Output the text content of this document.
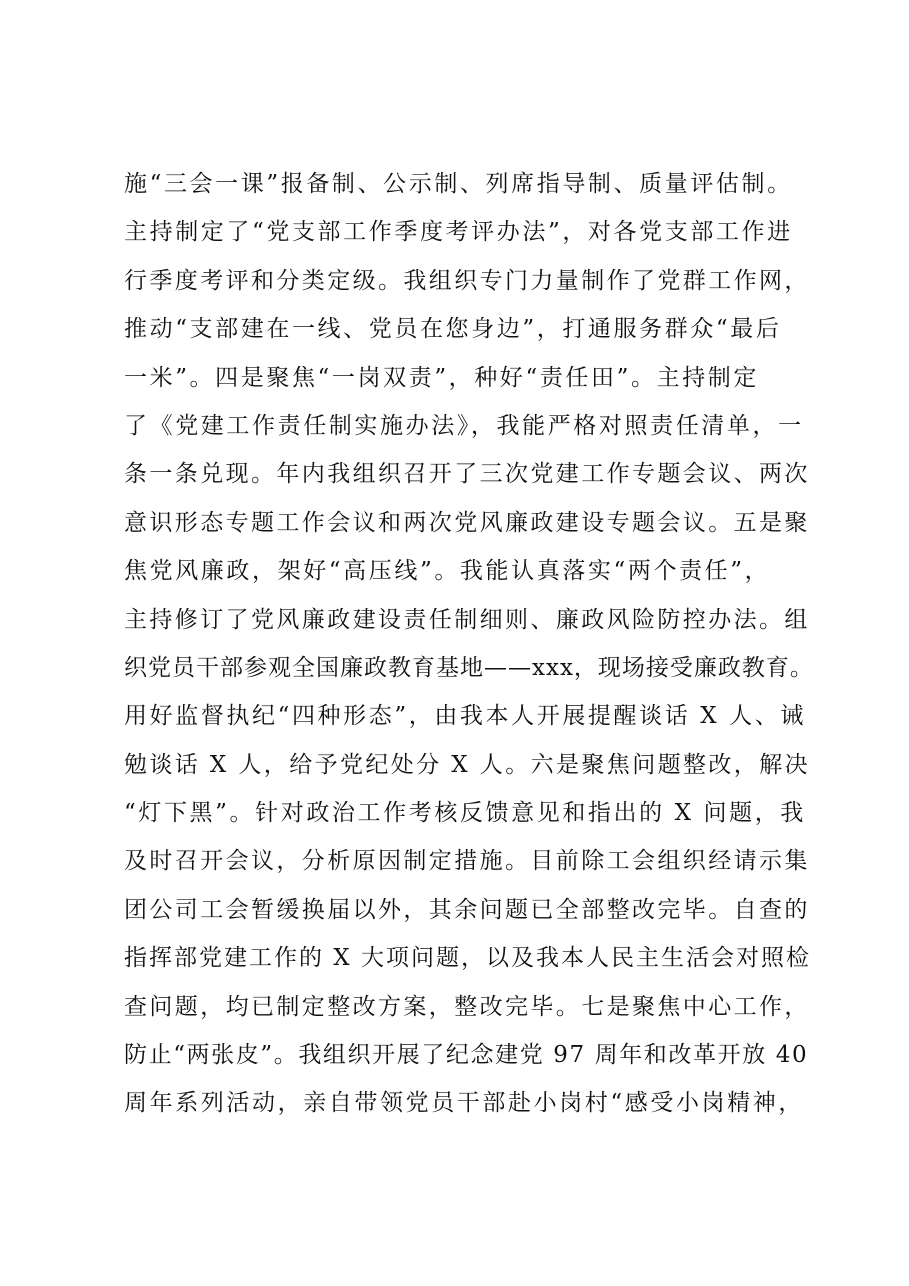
施“三会一课”报备制、公示制、列席指导制、质量评估制。
主持制定了“党支部工作季度考评办法”，对各党支部工作进
行季度考评和分类定级。我组织专门力量制作了党群工作网，
推动“支部建在一线、党员在您身边”，打通服务群众“最后
一米”。四是聚焦“一岗双责”，种好“责任田”。主持制定
了《党建工作责任制实施办法》，我能严格对照责任清单，一
条一条兑现。年内我组织召开了三次党建工作专题会议、两次
意识形态专题工作会议和两次党风廉政建设专题会议。五是聚
焦党风廉政，架好“高压线”。我能认真落实“两个责任”，
主持修订了党风廉政建设责任制细则、廉政风险防控办法。组
织党员干部参观全国廉政教育基地——xxx，现场接受廉政教育。
用好监督执纪“四种形态”，由我本人开展提醒谈话 X 人、诫
勉谈话 X 人，给予党纪处分 X 人。六是聚焦问题整改，解决
“灯下黑”。针对政治工作考核反馈意见和指出的 X 问题，我
及时召开会议，分析原因制定措施。目前除工会组织经请示集
团公司工会暂缓换届以外，其余问题已全部整改完毕。自查的
指挥部党建工作的 X 大项问题，以及我本人民主生活会对照检
查问题，均已制定整改方案，整改完毕。七是聚焦中心工作，
防止“两张皮”。我组织开展了纪念建党 97 周年和改革开放 40
周年系列活动，亲自带领党员干部赴小岗村“感受小岗精神，
